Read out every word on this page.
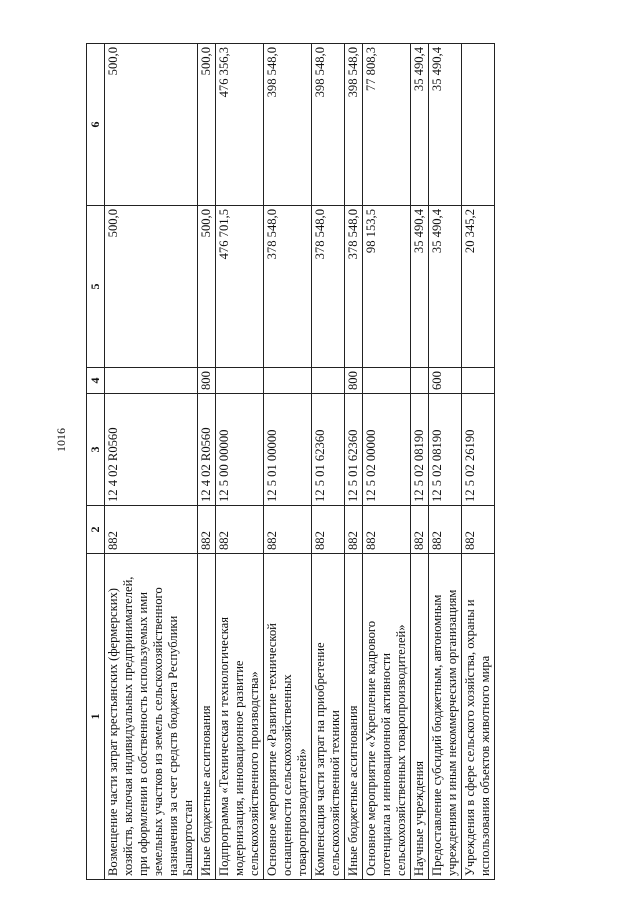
1016
1	2	3	4	5	6
Возмещение части затрат крестьянских (фермерских) хозяйств, включая индивидуальных предпринимателей, при оформлении в собственность используемых ими земельных участков из земель сельскохозяйственного назначения за счет средств бюджета Республики Башкортостан	882	12 4 02 R0560		500,0	500,0
Иные бюджетные ассигнования	882	12 4 02 R0560	800	500,0	500,0
Подпрограмма «Техническая и технологическая модернизация, инновационное развитие сельскохозяйственного производства»	882	12 5 00 00000		476 701,5	476 356,3
Основное мероприятие «Развитие технической оснащенности сельскохозяйственных товаропроизводителей»	882	12 5 01 00000		378 548,0	398 548,0
Компенсация части затрат на приобретение сельскохозяйственной техники	882	12 5 01 62360		378 548,0	398 548,0
Иные бюджетные ассигнования	882	12 5 01 62360	800	378 548,0	398 548,0
Основное мероприятие «Укрепление кадрового потенциала и инновационной активности сельскохозяйственных товаропроизводителей»	882	12 5 02 00000		98 153,5	77 808,3
Научные учреждения	882	12 5 02 08190		35 490,4	35 490,4
Предоставление субсидий бюджетным, автономным учреждениям и иным некоммерческим организациям	882	12 5 02 08190	600	35 490,4	35 490,4
Учреждения в сфере сельского хозяйства, охраны и использования объектов животного мира	882	12 5 02 26190		20 345,2	
